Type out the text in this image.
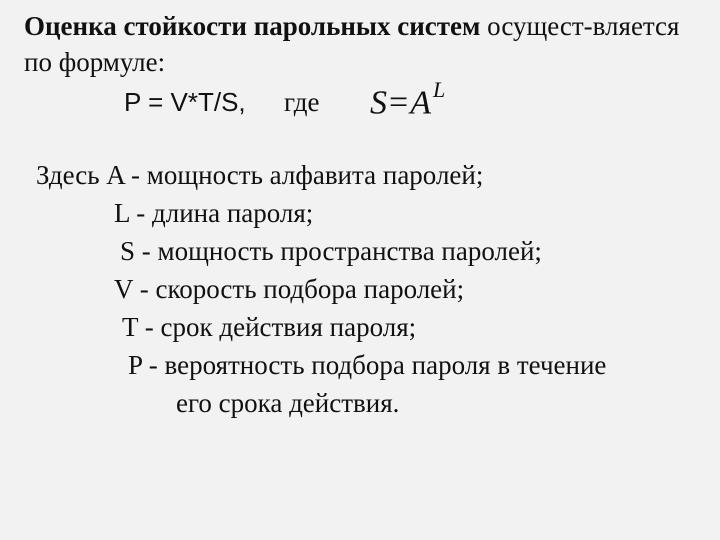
Оценка стойкости парольных систем осущест-вляется по формуле:
P = V*T/S, где $S=A^L$
Здесь A - мощность алфавита паролей;
L - длина пароля;
S - мощность пространства паролей;
V - скорость подбора паролей;
T - срок действия пароля;
P - вероятность подбора пароля в течение
его срока действия.
